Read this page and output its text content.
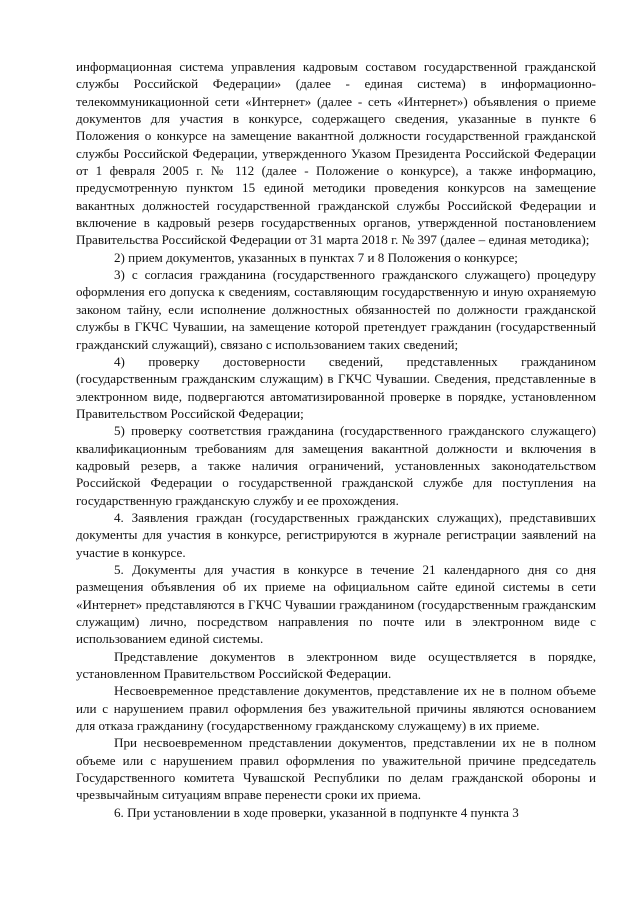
информационная система управления кадровым составом государственной гражданской службы Российской Федерации» (далее - единая система) в информационно-телекоммуникационной сети «Интернет» (далее - сеть «Интернет») объявления о приеме документов для участия в конкурсе, содержащего сведения, указанные в пункте 6 Положения о конкурсе на замещение вакантной должности государственной гражданской службы Российской Федерации, утвержденного Указом Президента Российской Федерации от 1 февраля 2005 г. № 112 (далее - Положение о конкурсе), а также информацию, предусмотренную пунктом 15 единой методики проведения конкурсов на замещение вакантных должностей государственной гражданской службы Российской Федерации и включение в кадровый резерв государственных органов, утвержденной постановлением Правительства Российской Федерации от 31 марта 2018 г. № 397 (далее – единая методика);

2) прием документов, указанных в пунктах 7 и 8 Положения о конкурсе;

3) с согласия гражданина (государственного гражданского служащего) процедуру оформления его допуска к сведениям, составляющим государственную и иную охраняемую законом тайну, если исполнение должностных обязанностей по должности гражданской службы в ГКЧС Чувашии, на замещение которой претендует гражданин (государственный гражданский служащий), связано с использованием таких сведений;

4) проверку достоверности сведений, представленных гражданином (государственным гражданским служащим) в ГКЧС Чувашии. Сведения, представленные в электронном виде, подвергаются автоматизированной проверке в порядке, установленном Правительством Российской Федерации;

5) проверку соответствия гражданина (государственного гражданского служащего) квалификационным требованиям для замещения вакантной должности и включения в кадровый резерв, а также наличия ограничений, установленных законодательством Российской Федерации о государственной гражданской службе для поступления на государственную гражданскую службу и ее прохождения.

4. Заявления граждан (государственных гражданских служащих), представивших документы для участия в конкурсе, регистрируются в журнале регистрации заявлений на участие в конкурсе.

5. Документы для участия в конкурсе в течение 21 календарного дня со дня размещения объявления об их приеме на официальном сайте единой системы в сети «Интернет» представляются в ГКЧС Чувашии гражданином (государственным гражданским служащим) лично, посредством направления по почте или в электронном виде с использованием единой системы.

Представление документов в электронном виде осуществляется в порядке, установленном Правительством Российской Федерации.

Несвоевременное представление документов, представление их не в полном объеме или с нарушением правил оформления без уважительной причины являются основанием для отказа гражданину (государственному гражданскому служащему) в их приеме.

При несвоевременном представлении документов, представлении их не в полном объеме или с нарушением правил оформления по уважительной причине председатель Государственного комитета Чувашской Республики по делам гражданской обороны и чрезвычайным ситуациям вправе перенести сроки их приема.

6. При установлении в ходе проверки, указанной в подпункте 4 пункта 3
